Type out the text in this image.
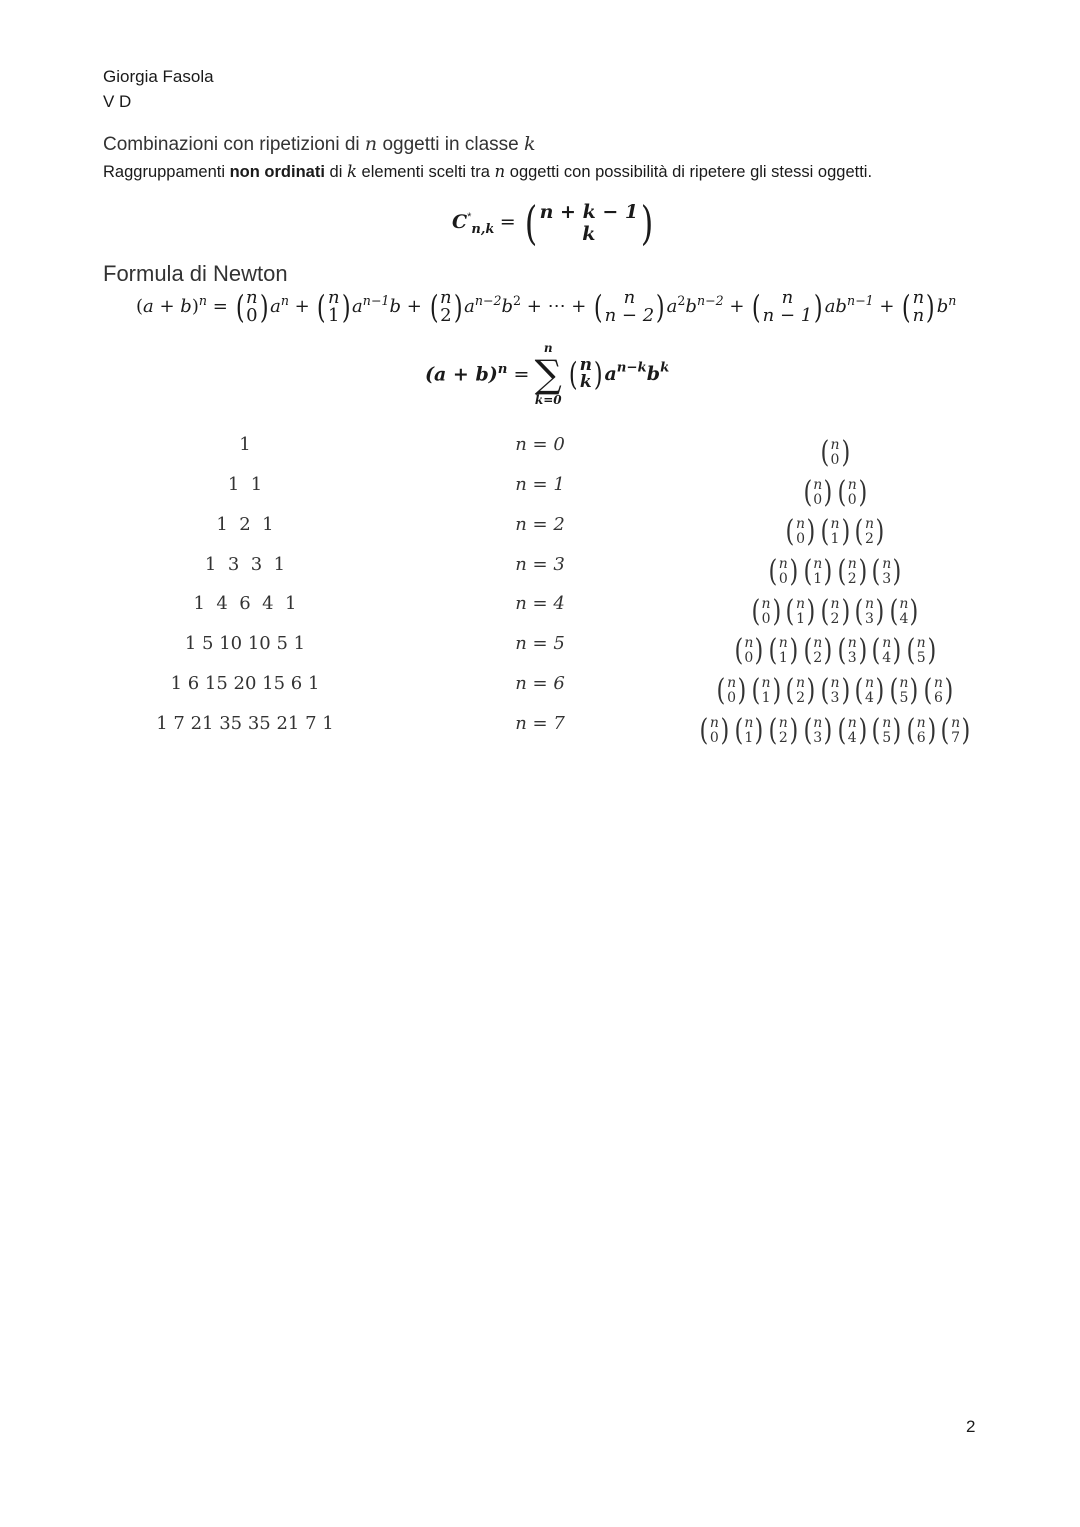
Giorgia Fasola
V D
Combinazioni con ripetizioni di n oggetti in classe k
Raggruppamenti non ordinati di k elementi scelti tra n oggetti con possibilità di ripetere gli stessi oggetti.
$C^*_{n,k}$ = ( n + k − 1
k )
Formula di Newton
$(a + b)^n$ = ( n
0 ) $a^n$ + ( n
1 ) $a^{n-1}b$ + ( n
2 ) $a^{n-2}b^2$ + ⋯ + ( n
n − 2 ) $a^2b^{n-2}$ + ( n
n − 1 ) $ab^{n-1}$ + ( n
n ) $b^n$
$(a + b)^n$ =
n
∑
k=0

( n
k ) $a^{n-k}b^k$
1
1  1
1  2  1
1  3  3  1
1  4  6  4  1
1 5 10 10 5 1
1 6 15 20 15 6 1
1 7 21 35 35 21 7 1
n = 0
n = 1
n = 2
n = 3
n = 4
n = 5
n = 6
n = 7
( n
0 )
( n
0 ) ( n
0 )
( n
0 ) ( n
1 ) ( n
2 )
( n
0 ) ( n
1 ) ( n
2 ) ( n
3 )
( n
0 ) ( n
1 ) ( n
2 ) ( n
3 ) ( n
4 )
( n
0 ) ( n
1 ) ( n
2 ) ( n
3 ) ( n
4 ) ( n
5 )
( n
0 ) ( n
1 ) ( n
2 ) ( n
3 ) ( n
4 ) ( n
5 ) ( n
6 )
( n
0 ) ( n
1 ) ( n
2 ) ( n
3 ) ( n
4 ) ( n
5 ) ( n
6 ) ( n
7 )
2
